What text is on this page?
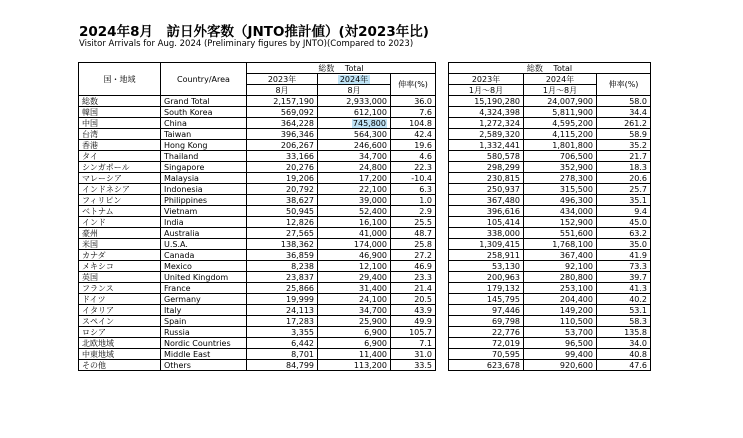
2024年8月　訪日外客数（JNTO推計値）(対2023年比)
Visitor Arrivals for Aug. 2024 (Preliminary figures by JNTO)(Compared to 2023)
国・地域	Country/Area	総数　 Total				総数　 Total		
		2023年	2024年	伸率(%)		2023年	2024年	伸率(%)
		8月	8月			1月～8月	1月～8月	
総数	Grand Total	2,157,190	2,933,000	36.0		15,190,280	24,007,900	58.0
韓国	South Korea	569,092	612,100	7.6		4,324,398	5,811,900	34.4
中国	China	364,228	745,800	104.8		1,272,324	4,595,200	261.2
台湾	Taiwan	396,346	564,300	42.4		2,589,320	4,115,200	58.9
香港	Hong Kong	206,267	246,600	19.6		1,332,441	1,801,800	35.2
タイ	Thailand	33,166	34,700	4.6		580,578	706,500	21.7
シンガポール	Singapore	20,276	24,800	22.3		298,299	352,900	18.3
マレーシア	Malaysia	19,206	17,200	-10.4		230,815	278,300	20.6
インドネシア	Indonesia	20,792	22,100	6.3		250,937	315,500	25.7
フィリピン	Philippines	38,627	39,000	1.0		367,480	496,300	35.1
ベトナム	Vietnam	50,945	52,400	2.9		396,616	434,000	9.4
インド	India	12,826	16,100	25.5		105,414	152,900	45.0
豪州	Australia	27,565	41,000	48.7		338,000	551,600	63.2
米国	U.S.A.	138,362	174,000	25.8		1,309,415	1,768,100	35.0
カナダ	Canada	36,859	46,900	27.2		258,911	367,400	41.9
メキシコ	Mexico	8,238	12,100	46.9		53,130	92,100	73.3
英国	United Kingdom	23,837	29,400	23.3		200,963	280,800	39.7
フランス	France	25,866	31,400	21.4		179,132	253,100	41.3
ドイツ	Germany	19,999	24,100	20.5		145,795	204,400	40.2
イタリア	Italy	24,113	34,700	43.9		97,446	149,200	53.1
スペイン	Spain	17,283	25,900	49.9		69,798	110,500	58.3
ロシア	Russia	3,355	6,900	105.7		22,776	53,700	135.8
北欧地域	Nordic Countries	6,442	6,900	7.1		72,019	96,500	34.0
中東地域	Middle East	8,701	11,400	31.0		70,595	99,400	40.8
その他	Others	84,799	113,200	33.5		623,678	920,600	47.6
